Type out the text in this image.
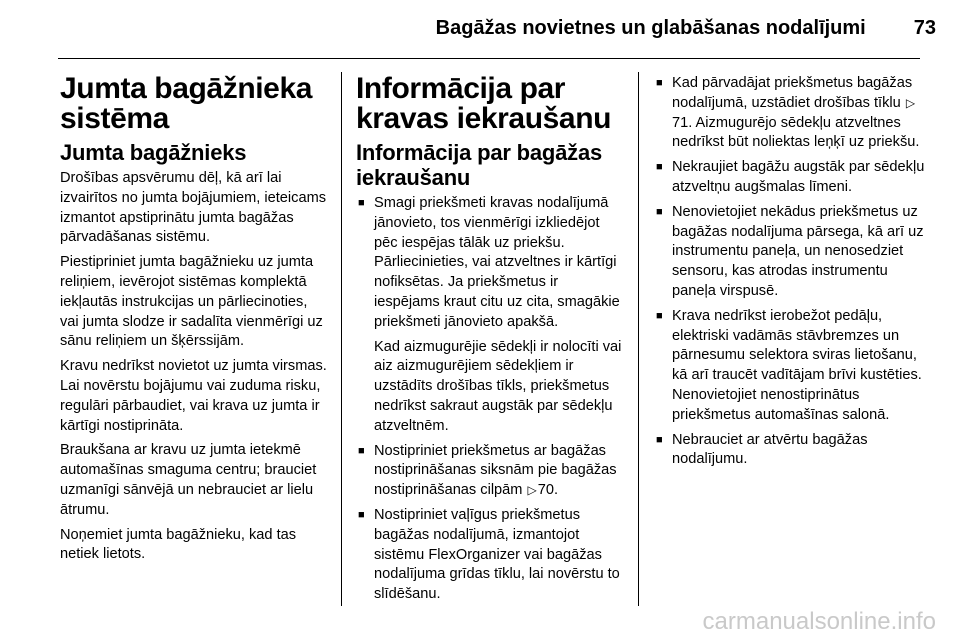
Bagāžas novietnes un glabāšanas nodalījumi 73
Jumta bagāžnieka sistēma
Jumta bagāžnieks

Drošības apsvērumu dēļ, kā arī lai izvairītos no jumta bojājumiem, ieteicams izmantot apstiprinātu jumta bagāžas pārvadāšanas sistēmu.

Piestipriniet jumta bagāžnieku uz jumta reliņiem, ievērojot sistēmas komplektā iekļautās instrukcijas un pārliecinoties, vai jumta slodze ir sadalīta vienmērīgi uz sānu reliņiem un šķērssijām.

Kravu nedrīkst novietot uz jumta virsmas. Lai novērstu bojājumu vai zuduma risku, regulāri pārbaudiet, vai krava uz jumta ir kārtīgi nostiprināta.

Braukšana ar kravu uz jumta ietekmē automašīnas smaguma centru; brauciet uzmanīgi sānvējā un nebrauciet ar lielu ātrumu.

Noņemiet jumta bagāžnieku, kad tas netiek lietots.

Informācija par kravas iekraušanu
Informācija par bagāžas iekraušanu
■ Smagi priekšmeti kravas nodalījumā jānovieto, tos vienmērīgi izkliedējot pēc iespējas tālāk uz priekšu. Pārliecinieties, vai atzveltnes ir kārtīgi nofiksētas. Ja priekšmetus ir iespējams kraut citu uz cita, smagākie priekšmeti jānovieto apakšā.

Kad aizmugurējie sēdekļi ir nolocīti vai aiz aizmugurējiem sēdekļiem ir uzstādīts drošības tīkls, priekšmetus nedrīkst sakraut augstāk par sēdekļu atzveltnēm.

■ Nostipriniet priekšmetus ar bagāžas nostiprināšanas siksnām pie bagāžas nostiprināšanas cilpām ▷70.
■ Nostipriniet vaļīgus priekšmetus bagāžas nodalījumā, izmantojot sistēmu FlexOrganizer vai bagāžas nodalījuma grīdas tīklu, lai novērstu to slīdēšanu.
■ Kad pārvadājat priekšmetus bagāžas nodalījumā, uzstādiet drošības tīklu ▷71. Aizmugurējo sēdekļu atzveltnes nedrīkst būt noliektas leņķī uz priekšu.
■ Nekraujiet bagāžu augstāk par sēdekļu atzveltņu augšmalas līmeni.
■ Nenovietojiet nekādus priekšmetus uz bagāžas nodalījuma pārsega, kā arī uz instrumentu paneļa, un nenosedziet sensoru, kas atrodas instrumentu paneļa virspusē.
■ Krava nedrīkst ierobežot pedāļu, elektriski vadāmās stāvbremzes un pārnesumu selektora sviras lietošanu, kā arī traucēt vadītājam brīvi kustēties. Nenovietojiet nenostiprinātus priekšmetus automašīnas salonā.
■ Nebrauciet ar atvērtu bagāžas nodalījumu.
carmanualsonline.info
